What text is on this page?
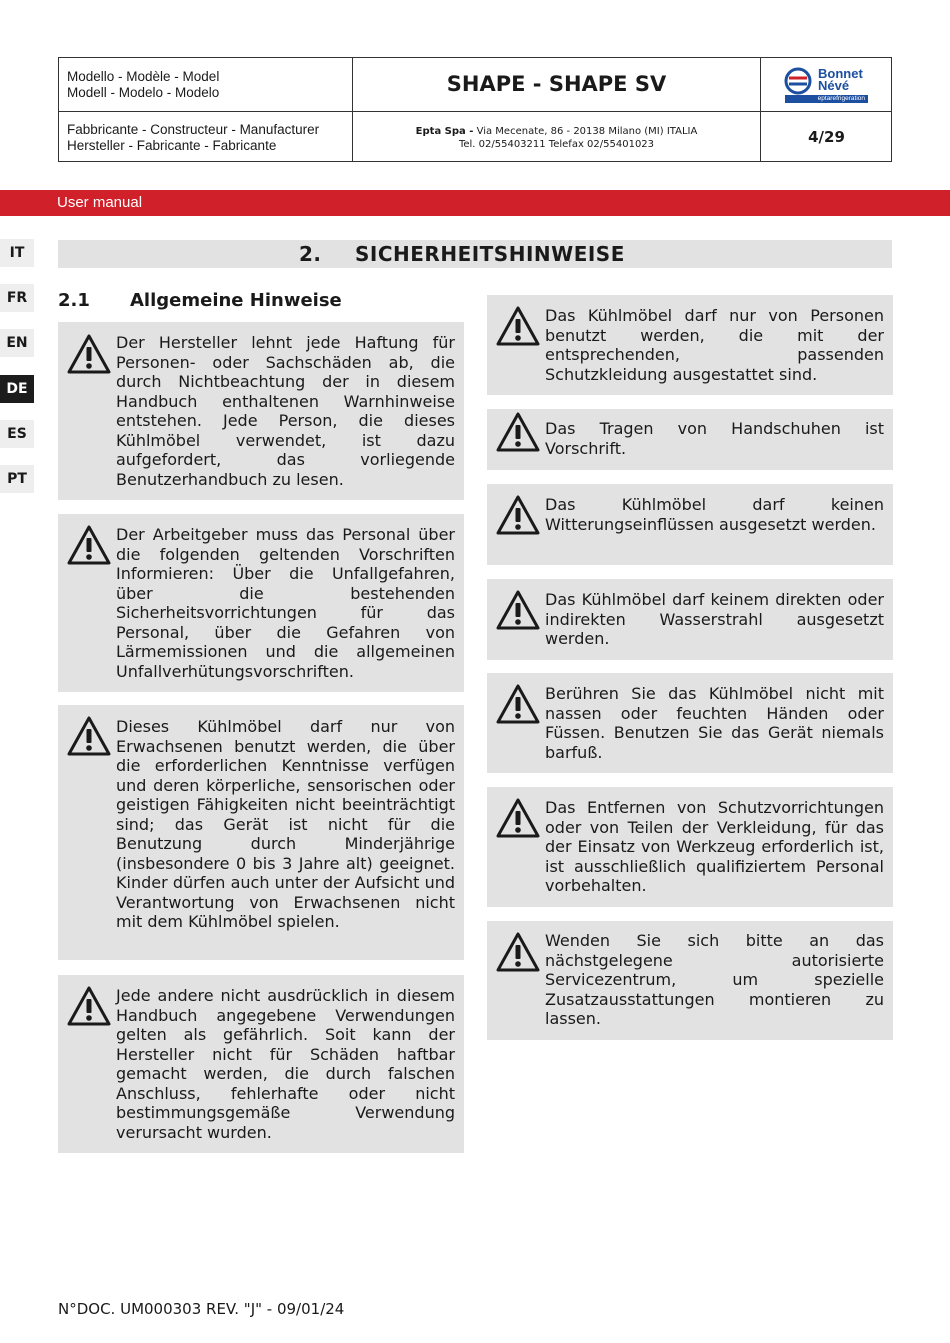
Modello - Modèle - Model
Modell - Modelo - Modelo	SHAPE - SHAPE SV	Bonnet
Névé
eptarefrigeration
Fabbricante - Constructeur - Manufacturer
Hersteller - Fabricante - Fabricante
Epta Spa - Via Mecenate, 86 - 20138 Milano (MI) ITALIA
Tel. 02/55403211 Telefax 02/55401023	4/29
User manual
IT
FR
EN
DE
ES
PT
2. SICHERHEITSHINWEISE
2.1 Allgemeine Hinweise

Der Hersteller lehnt jede Haftung für Personen- oder Sachschäden ab, die durch Nichtbeachtung der in diesem Handbuch enthaltenen Warnhinweise entstehen. Jede Person, die dieses Kühlmöbel verwendet, ist dazu aufgefordert, das vorliegende Benutzerhandbuch zu lesen.

Der Arbeitgeber muss das Personal über die folgenden geltenden Vorschriften Informieren: Über die Unfallgefahren, über die bestehenden Sicherheitsvorrichtungen für das Personal, über die Gefahren von Lärmemissionen und die allgemeinen Unfallverhütungsvorschriften.

Dieses Kühlmöbel darf nur von Erwachsenen benutzt werden, die über die erforderlichen Kenntnisse verfügen und deren körperliche, sensorischen oder geistigen Fähigkeiten nicht beeinträchtigt sind; das Gerät ist nicht für die Benutzung durch Minderjährige (insbesondere 0 bis 3 Jahre alt) geeignet. Kinder dürfen auch unter der Aufsicht und Verantwortung von Erwachsenen nicht mit dem Kühlmöbel spielen.

Jede andere nicht ausdrücklich in diesem Handbuch angegebene Verwendungen gelten als gefährlich. Soit kann der Hersteller nicht für Schäden haftbar gemacht werden, die durch falschen Anschluss, fehlerhafte oder nicht bestimmungsgemäße Verwendung verursacht wurden.

Das Kühlmöbel darf nur von Personen benutzt werden, die mit der entsprechenden, passenden Schutzkleidung ausgestattet sind.

Das Tragen von Handschuhen ist Vorschrift.

Das Kühlmöbel darf keinen Witterungseinflüssen ausgesetzt werden.

Das Kühlmöbel darf keinem direkten oder indirekten Wasserstrahl ausgesetzt werden.

Berühren Sie das Kühlmöbel nicht mit nassen oder feuchten Händen oder Füssen. Benutzen Sie das Gerät niemals barfuß.

Das Entfernen von Schutzvorrichtungen oder von Teilen der Verkleidung, für das der Einsatz von Werkzeug erforderlich ist, ist ausschließlich qualifiziertem Personal vorbehalten.

Wenden Sie sich bitte an das nächstgelegene autorisierte Servicezentrum, um spezielle Zusatzausstattungen montieren zu lassen.

N°DOC. UM000303 REV. "J" - 09/01/24
